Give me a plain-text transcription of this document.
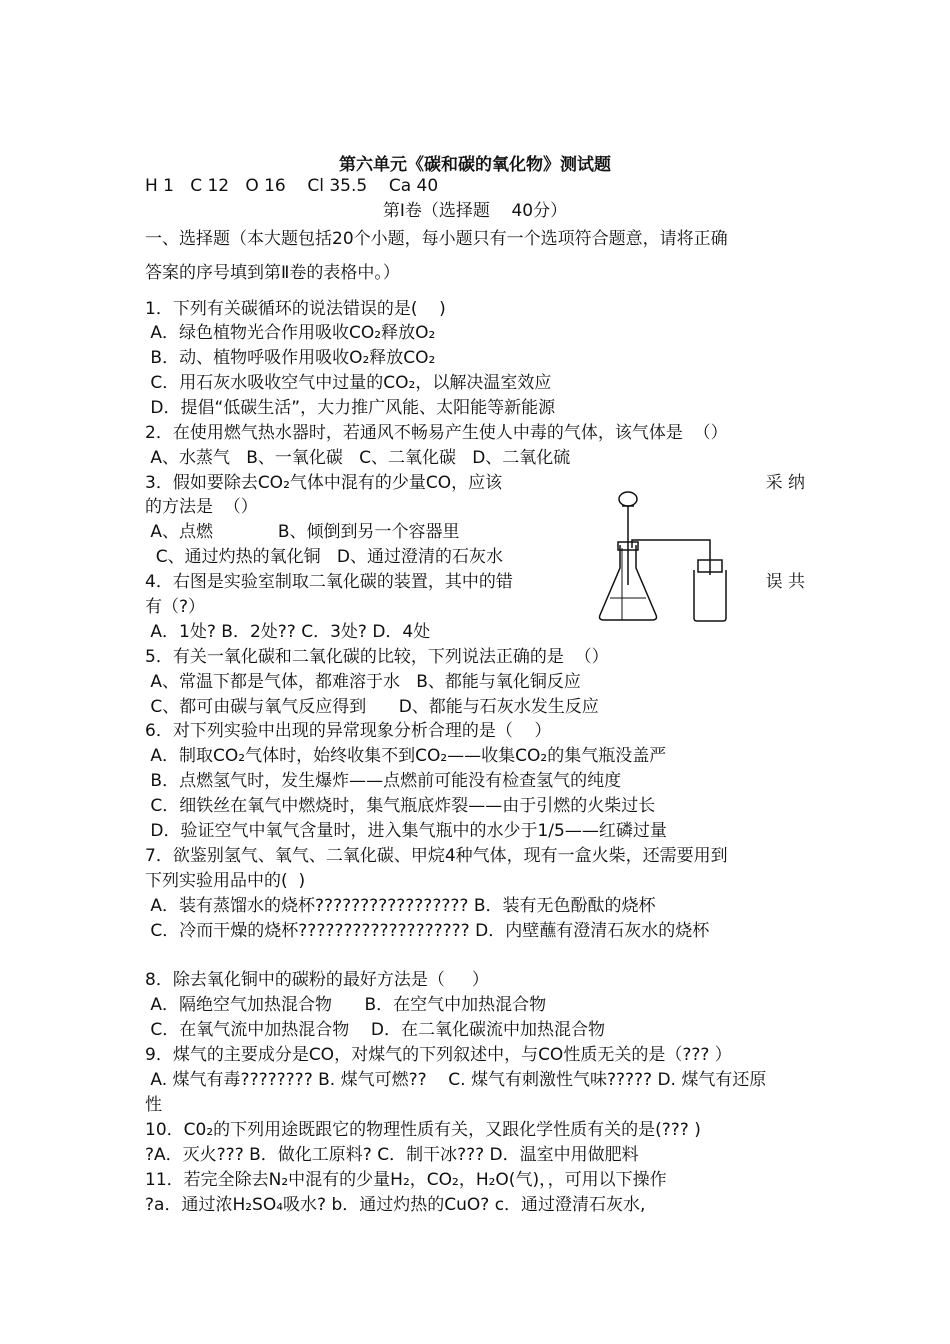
第六单元《碳和碳的氧化物》测试题
H 1   C 12   O 16    Cl 35.5    Ca 40
第Ⅰ卷（选择题    40分）
一、选择题（本大题包括20个小题，每小题只有一个选项符合题意，请将正确
答案的序号填到第Ⅱ卷的表格中。）
1．下列有关碳循环的说法错误的是(    )
A．绿色植物光合作用吸收CO₂释放O₂
B．动、植物呼吸作用吸收O₂释放CO₂
C．用石灰水吸收空气中过量的CO₂，以解决温室效应
D．提倡“低碳生活”，大力推广风能、太阳能等新能源
2．在使用燃气热水器时，若通风不畅易产生使人中毒的气体，该气体是  （）
A、水蒸气   B、一氧化碳   C、二氧化碳   D、二氧化硫
3．假如要除去CO₂气体中混有的少量CO，应该	采 纳
的方法是  （）
A、点燃            B、倾倒到另一个容器里
C、通过灼热的氧化铜   D、通过澄清的石灰水
4．右图是实验室制取二氧化碳的装置，其中的错	误 共
有（?）
A．1处? B．2处?? C．3处? D．4处
5．有关一氧化碳和二氧化碳的比较，下列说法正确的是  （）
A、常温下都是气体，都难溶于水   B、都能与氧化铜反应
C、都可由碳与氧气反应得到      D、都能与石灰水发生反应
6．对下列实验中出现的异常现象分析合理的是（    ）
A．制取CO₂气体时，始终收集不到CO₂——收集CO₂的集气瓶没盖严
B．点燃氢气时，发生爆炸——点燃前可能没有检查氢气的纯度
C．细铁丝在氧气中燃烧时，集气瓶底炸裂——由于引燃的火柴过长
D．验证空气中氧气含量时，进入集气瓶中的水少于1/5——红磷过量
7．欲鉴别氢气、氧气、二氧化碳、甲烷4种气体，现有一盒火柴，还需要用到
下列实验用品中的(  )
A．装有蒸馏水的烧杯????????????????? B．装有无色酚酞的烧杯
C．冷而干燥的烧杯??????????????????? D．内壁蘸有澄清石灰水的烧杯
8．除去氧化铜中的碳粉的最好方法是（     ）
A．隔绝空气加热混合物      B．在空气中加热混合物
C．在氧气流中加热混合物    D．在二氧化碳流中加热混合物
9．煤气的主要成分是CO，对煤气的下列叙述中，与CO性质无关的是（??? ）
A. 煤气有毒???????? B. 煤气可燃??    C. 煤气有刺激性气味????? D. 煤气有还原
性
10．C0₂的下列用途既跟它的物理性质有关，又跟化学性质有关的是(??? )
?A．灭火??? B．做化工原料? C．制干冰??? D．温室中用做肥料
11．若完全除去N₂中混有的少量H₂，CO₂，H₂O(气)，，可用以下操作
?a．通过浓H₂SO₄吸水? b．通过灼热的CuO? c．通过澄清石灰水,
